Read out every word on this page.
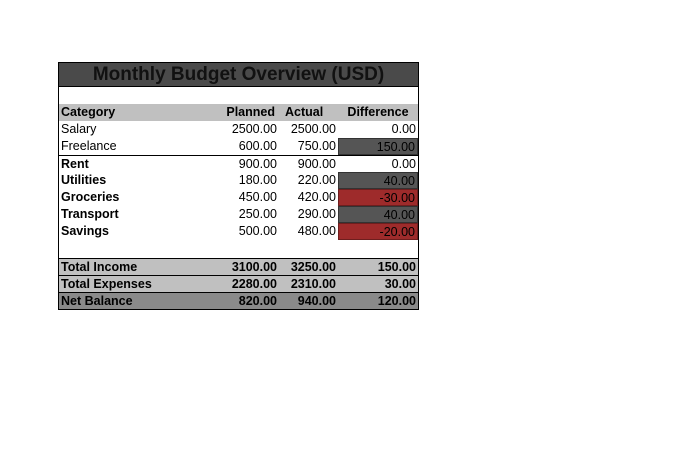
Monthly Budget Overview (USD)
Category	Planned Actual	Difference
Salary	2500.00	2500.00	0.00
Freelance	600.00	750.00	150.00
Rent	900.00	900.00	0.00
Utilities	180.00	220.00	40.00
Groceries	450.00	420.00	-30.00
Transport	250.00	290.00	40.00
Savings	500.00	480.00	-20.00
Total Income	3100.00	3250.00	150.00
Total Expenses	2280.00	2310.00	30.00
Net Balance	820.00	940.00	120.00
